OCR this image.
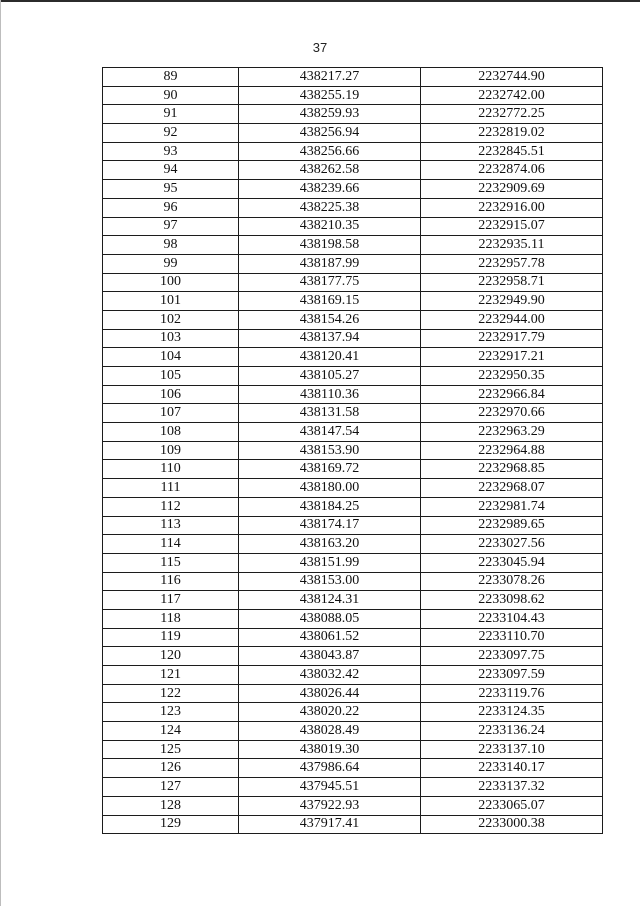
37
89	438217.27	2232744.90
90	438255.19	2232742.00
91	438259.93	2232772.25
92	438256.94	2232819.02
93	438256.66	2232845.51
94	438262.58	2232874.06
95	438239.66	2232909.69
96	438225.38	2232916.00
97	438210.35	2232915.07
98	438198.58	2232935.11
99	438187.99	2232957.78
100	438177.75	2232958.71
101	438169.15	2232949.90
102	438154.26	2232944.00
103	438137.94	2232917.79
104	438120.41	2232917.21
105	438105.27	2232950.35
106	438110.36	2232966.84
107	438131.58	2232970.66
108	438147.54	2232963.29
109	438153.90	2232964.88
110	438169.72	2232968.85
111	438180.00	2232968.07
112	438184.25	2232981.74
113	438174.17	2232989.65
114	438163.20	2233027.56
115	438151.99	2233045.94
116	438153.00	2233078.26
117	438124.31	2233098.62
118	438088.05	2233104.43
119	438061.52	2233110.70
120	438043.87	2233097.75
121	438032.42	2233097.59
122	438026.44	2233119.76
123	438020.22	2233124.35
124	438028.49	2233136.24
125	438019.30	2233137.10
126	437986.64	2233140.17
127	437945.51	2233137.32
128	437922.93	2233065.07
129	437917.41	2233000.38
